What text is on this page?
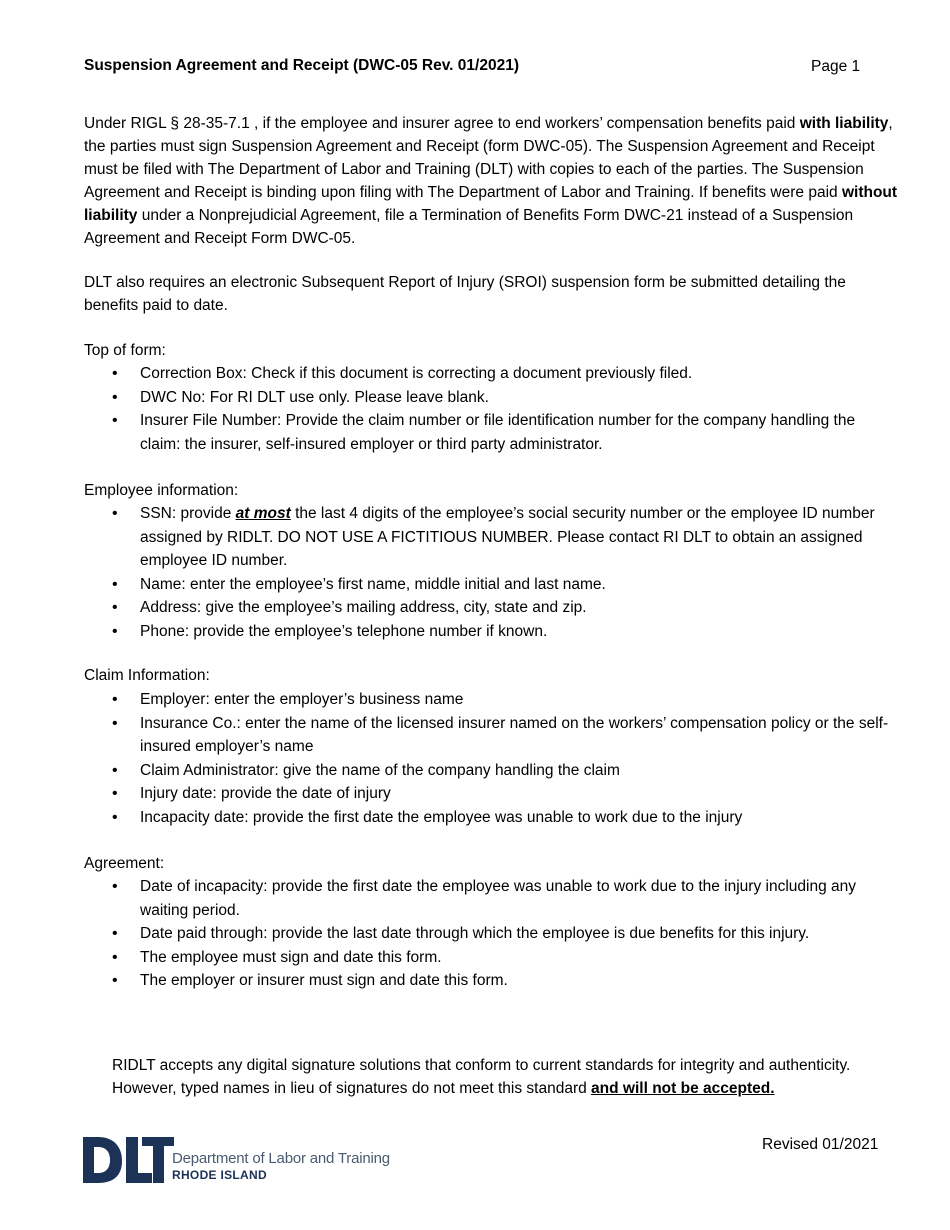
Suspension Agreement and Receipt (DWC-05 Rev. 01/2021)	Page 1

Under RIGL § 28-35-7.1 , if the employee and insurer agree to end workers’ compensation benefits paid with liability, the parties must sign Suspension Agreement and Receipt (form DWC-05). The Suspension Agreement and Receipt must be filed with The Department of Labor and Training (DLT) with copies to each of the parties. The Suspension Agreement and Receipt is binding upon filing with The Department of Labor and Training. If benefits were paid without liability under a Nonprejudicial Agreement, file a Termination of Benefits Form DWC-21 instead of a Suspension Agreement and Receipt Form DWC-05.

DLT also requires an electronic Subsequent Report of Injury (SROI) suspension form be submitted detailing the benefits paid to date.

Top of form:
• Correction Box: Check if this document is correcting a document previously filed.
• DWC No: For RI DLT use only. Please leave blank.
• Insurer File Number: Provide the claim number or file identification number for the company handling the claim: the insurer, self-insured employer or third party administrator.
Employee information:
• SSN: provide at most the last 4 digits of the employee’s social security number or the employee ID number assigned by RIDLT. DO NOT USE A FICTITIOUS NUMBER. Please contact RI DLT to obtain an assigned employee ID number.
• Name: enter the employee’s first name, middle initial and last name.
• Address: give the employee’s mailing address, city, state and zip.
• Phone: provide the employee’s telephone number if known.
Claim Information:
• Employer: enter the employer’s business name
• Insurance Co.: enter the name of the licensed insurer named on the workers’ compensation policy or the self-insured employer’s name
• Claim Administrator: give the name of the company handling the claim
• Injury date: provide the date of injury
• Incapacity date: provide the first date the employee was unable to work due to the injury
Agreement:
• Date of incapacity: provide the first date the employee was unable to work due to the injury including any waiting period.
• Date paid through: provide the last date through which the employee is due benefits for this injury.
• The employee must sign and date this form.
• The employer or insurer must sign and date this form.

RIDLT accepts any digital signature solutions that conform to current standards for integrity and authenticity. However, typed names in lieu of signatures do not meet this standard and will not be accepted.

Department of Labor and Training
RHODE ISLAND
Revised 01/2021
